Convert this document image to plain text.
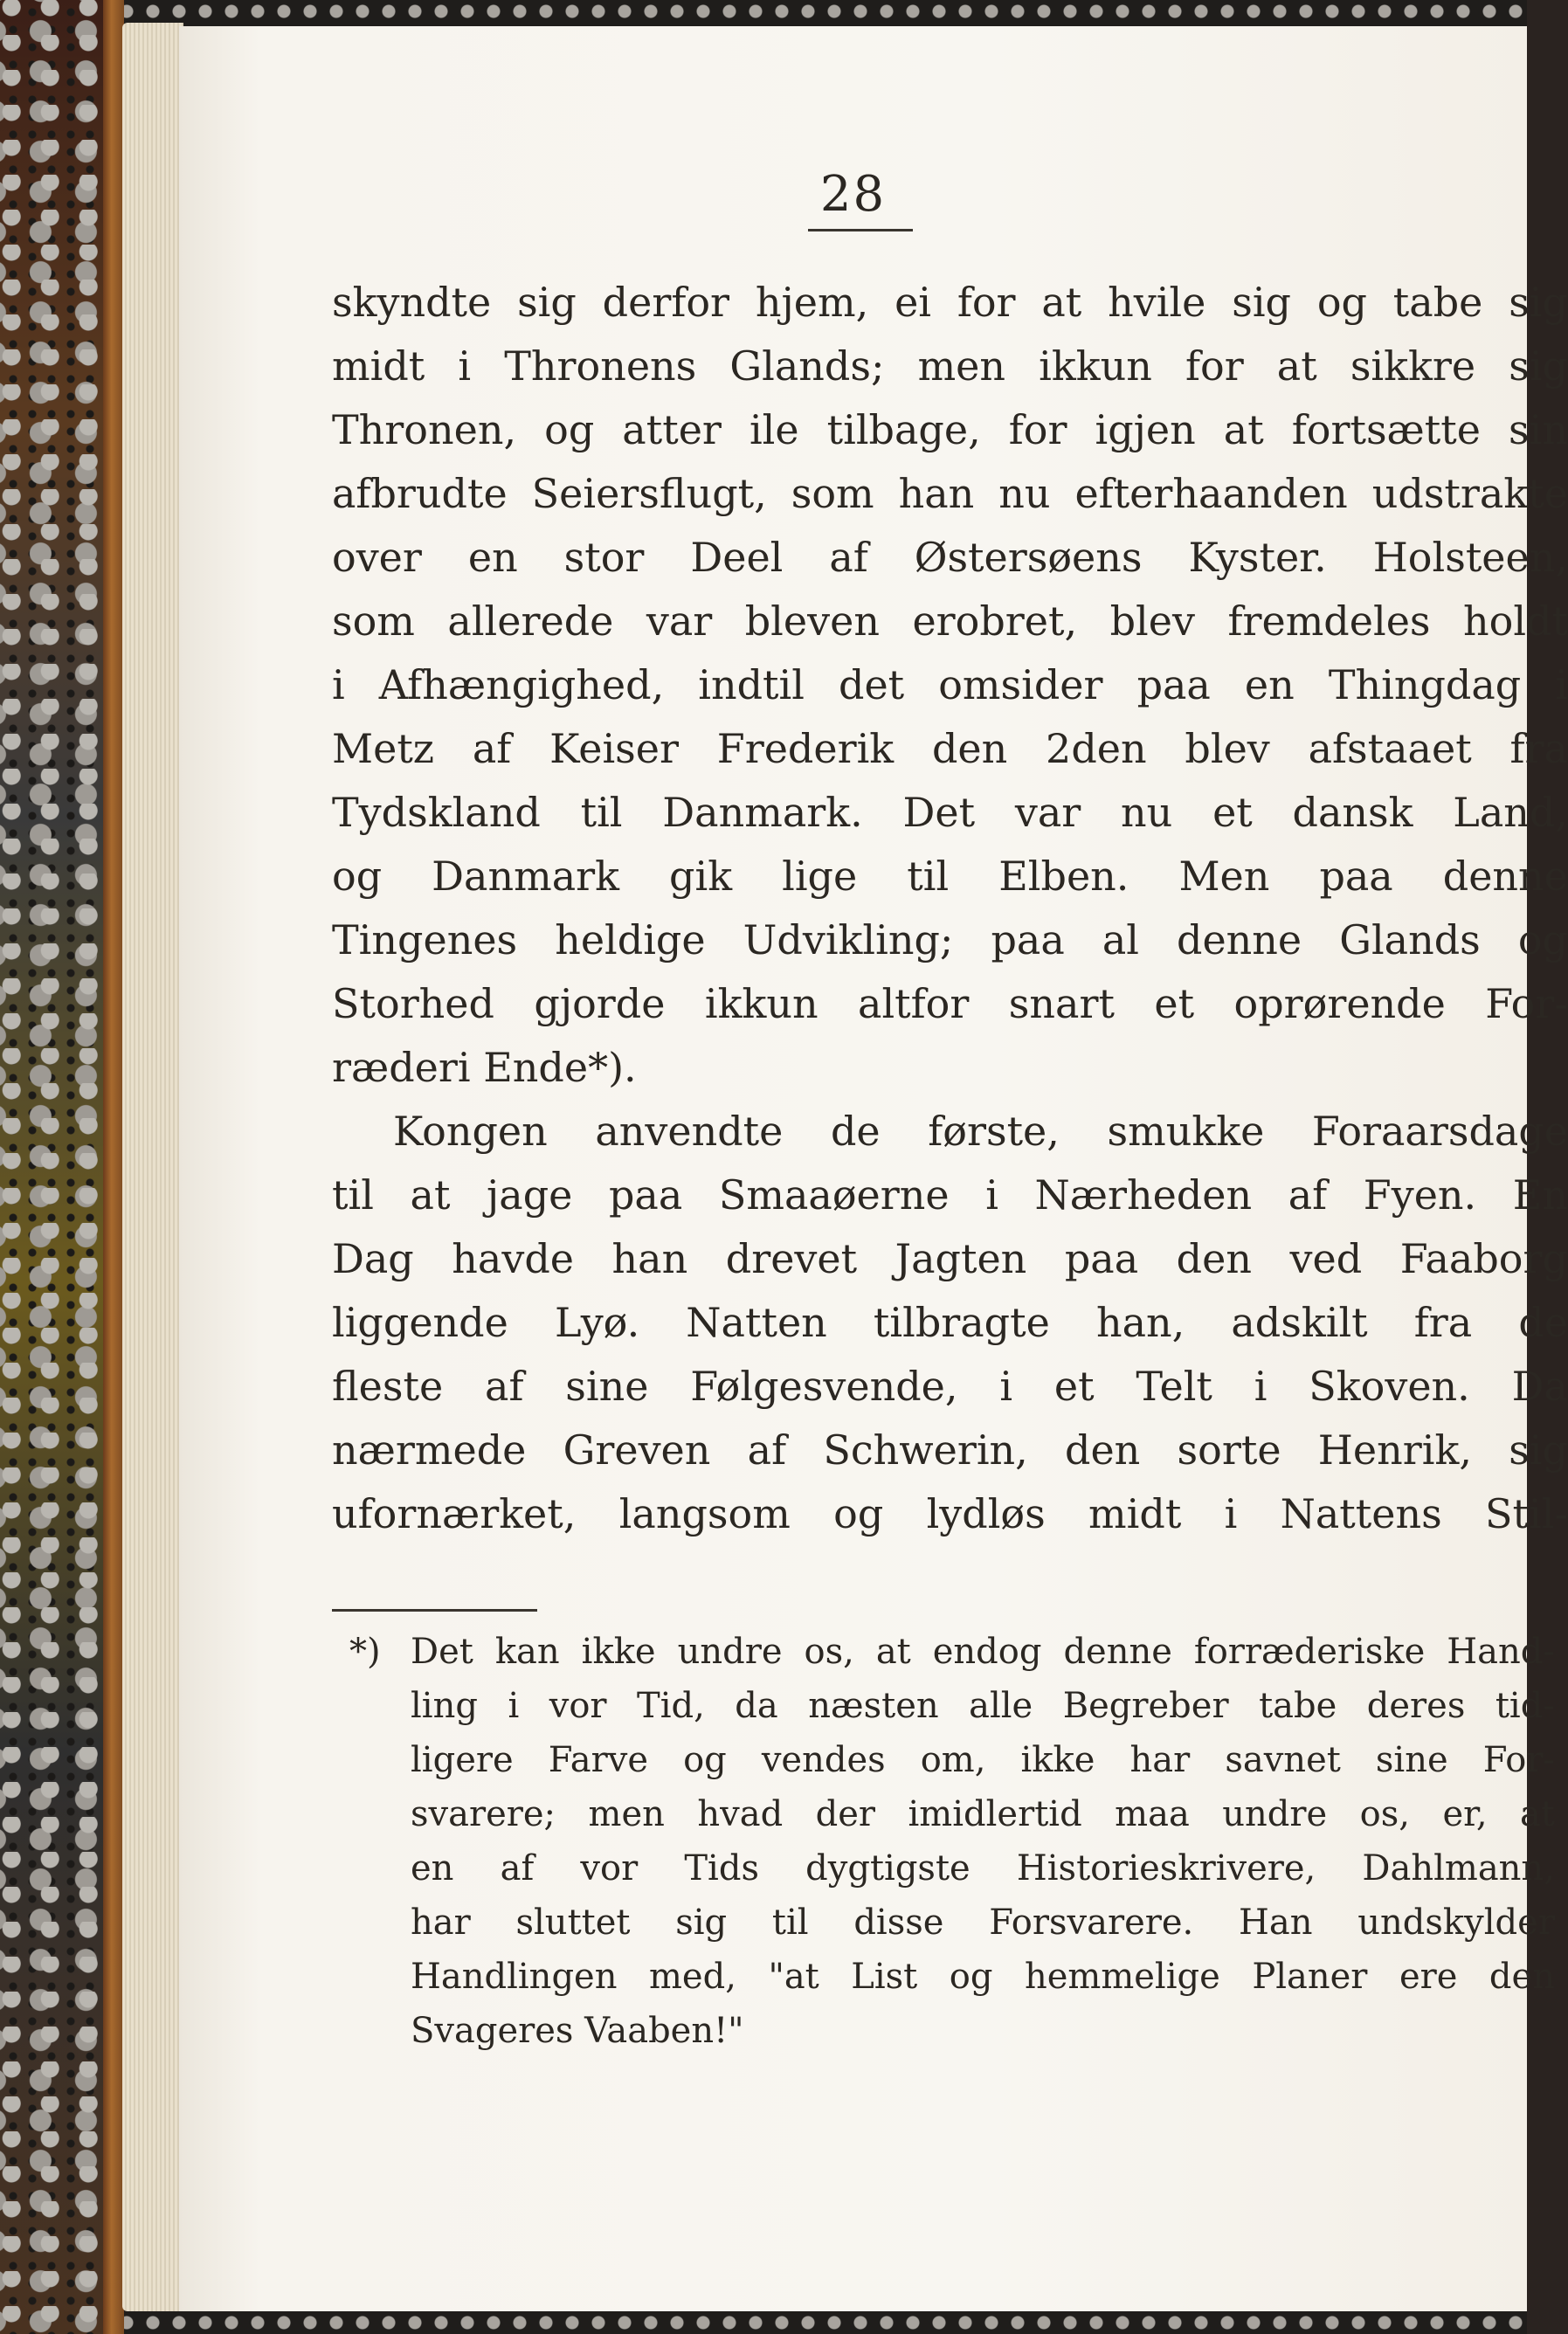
28
skyndte sig derfor hjem, ei for at hvile sig og tabe sig
midt i Thronens Glands; men ikkun for at sikkre sig
Thronen, og atter ile tilbage, for igjen at fortsætte sin
afbrudte Seiersflugt, som han nu efterhaanden udstrakte
over en stor Deel af Østersøens Kyster. Holsteen,
som allerede var bleven erobret, blev fremdeles holdt
i Afhængighed, indtil det omsider paa en Thingdag i
Metz af Keiser Frederik den 2den blev afstaaet fra
Tydskland til Danmark. Det var nu et dansk Land,
og Danmark gik lige til Elben. Men paa denne
Tingenes heldige Udvikling; paa al denne Glands og
Storhed gjorde ikkun altfor snart et oprørende For-
ræderi Ende*).
Kongen anvendte de første, smukke Foraarsdage
til at jage paa Smaaøerne i Nærheden af Fyen. En
Dag havde han drevet Jagten paa den ved Faaborg
liggende Lyø. Natten tilbragte han, adskilt fra de
fleste af sine Følgesvende, i et Telt i Skoven. Da
nærmede Greven af Schwerin, den sorte Henrik, sig
ufornærket, langsom og lydløs midt i Nattens Stil-
*) Det kan ikke undre os, at endog denne forræderiske Hand-
ling i vor Tid, da næsten alle Begreber tabe deres tid-
ligere Farve og vendes om, ikke har savnet sine For-
svarere; men hvad der imidlertid maa undre os, er, at
en af vor Tids dygtigste Historieskrivere, Dahlmann,
har sluttet sig til disse Forsvarere. Han undskylder
Handlingen med, "at List og hemmelige Planer ere den
Svageres Vaaben!"
